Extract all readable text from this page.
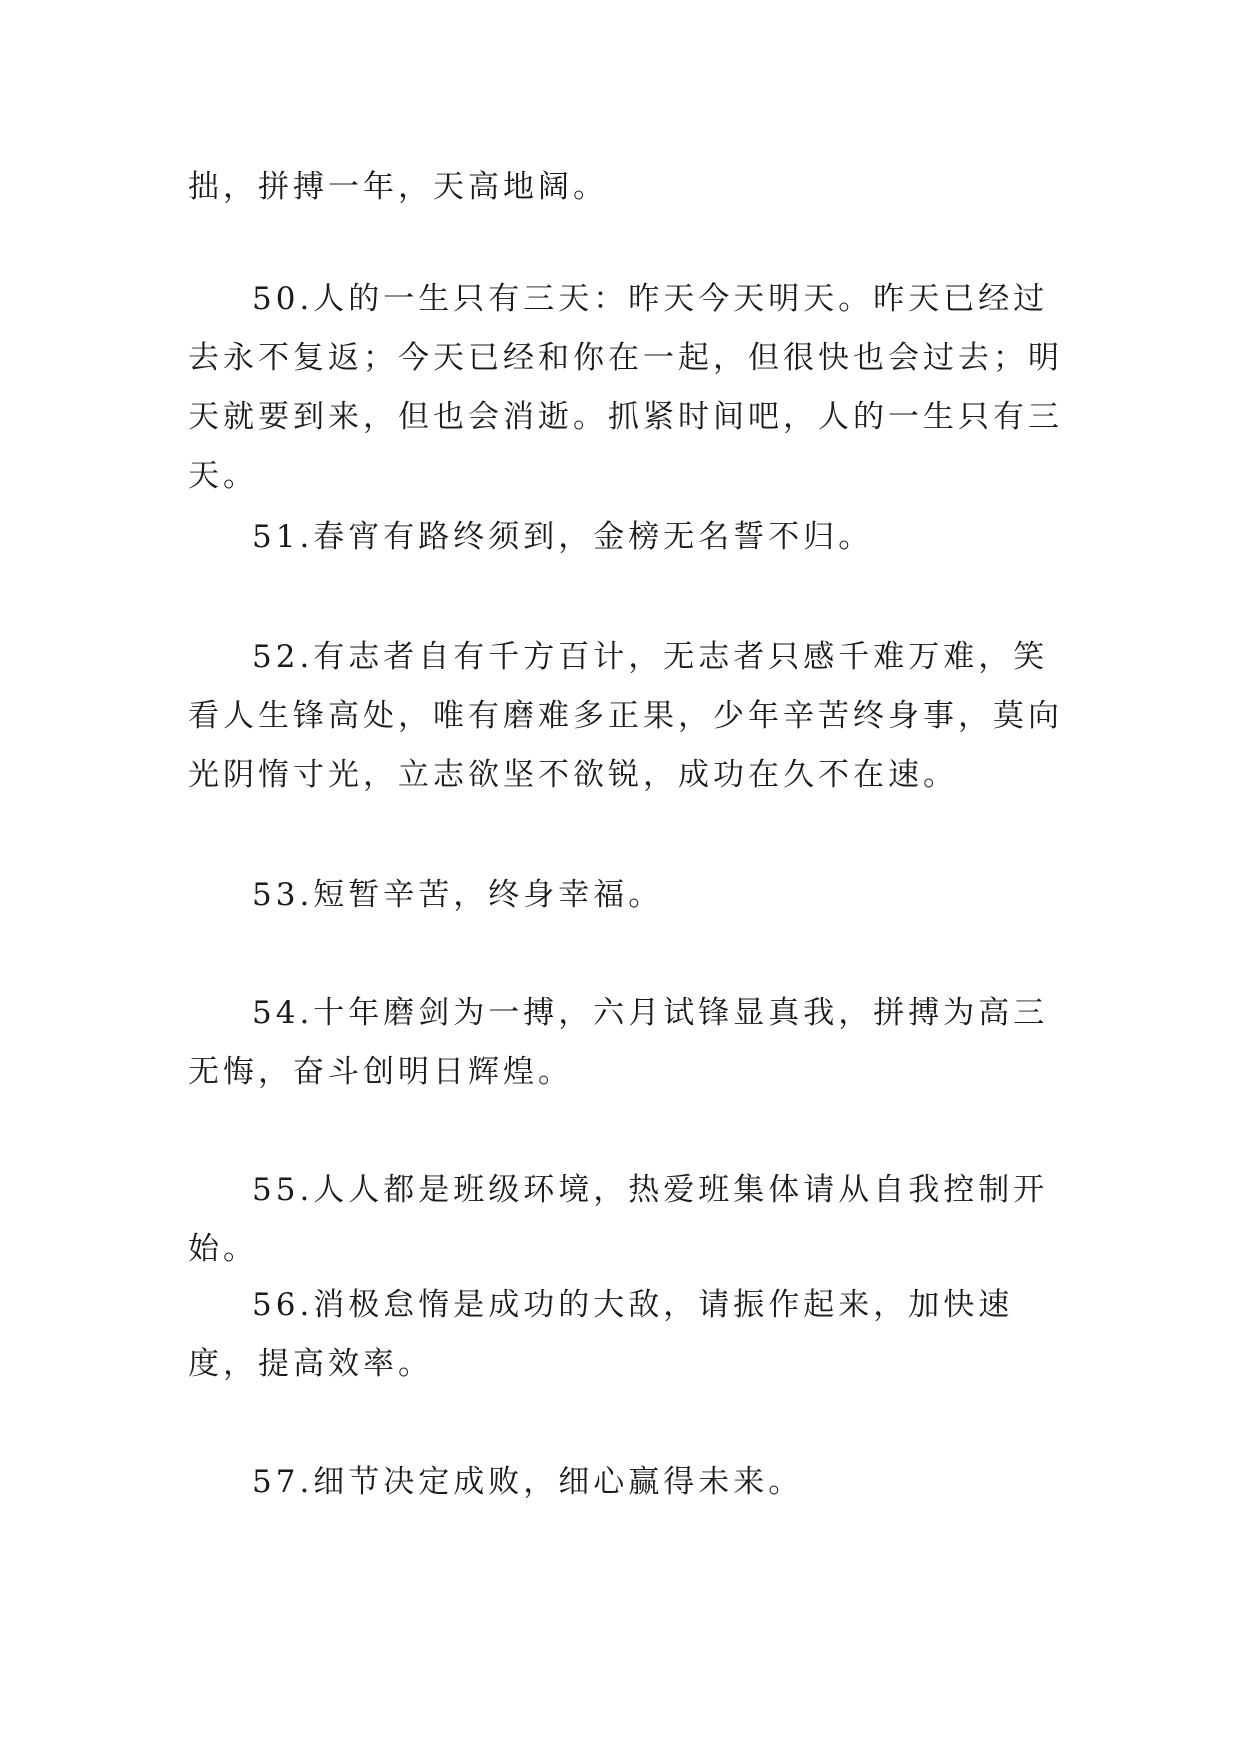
拙，拼搏一年，天高地阔。

50.人的一生只有三天：昨天今天明天。昨天已经过去永不复返；今天已经和你在一起，但很快也会过去；明天就要到来，但也会消逝。抓紧时间吧，人的一生只有三天。

51.春宵有路终须到，金榜无名誓不归。

52.有志者自有千方百计，无志者只感千难万难，笑看人生锋高处，唯有磨难多正果，少年辛苦终身事，莫向光阴惰寸光，立志欲坚不欲锐，成功在久不在速。

53.短暂辛苦，终身幸福。

54.十年磨剑为一搏，六月试锋显真我，拼搏为高三无悔，奋斗创明日辉煌。

55.人人都是班级环境，热爱班集体请从自我控制开始。

56.消极怠惰是成功的大敌，请振作起来，加快速度，提高效率。

57.细节决定成败，细心赢得未来。
